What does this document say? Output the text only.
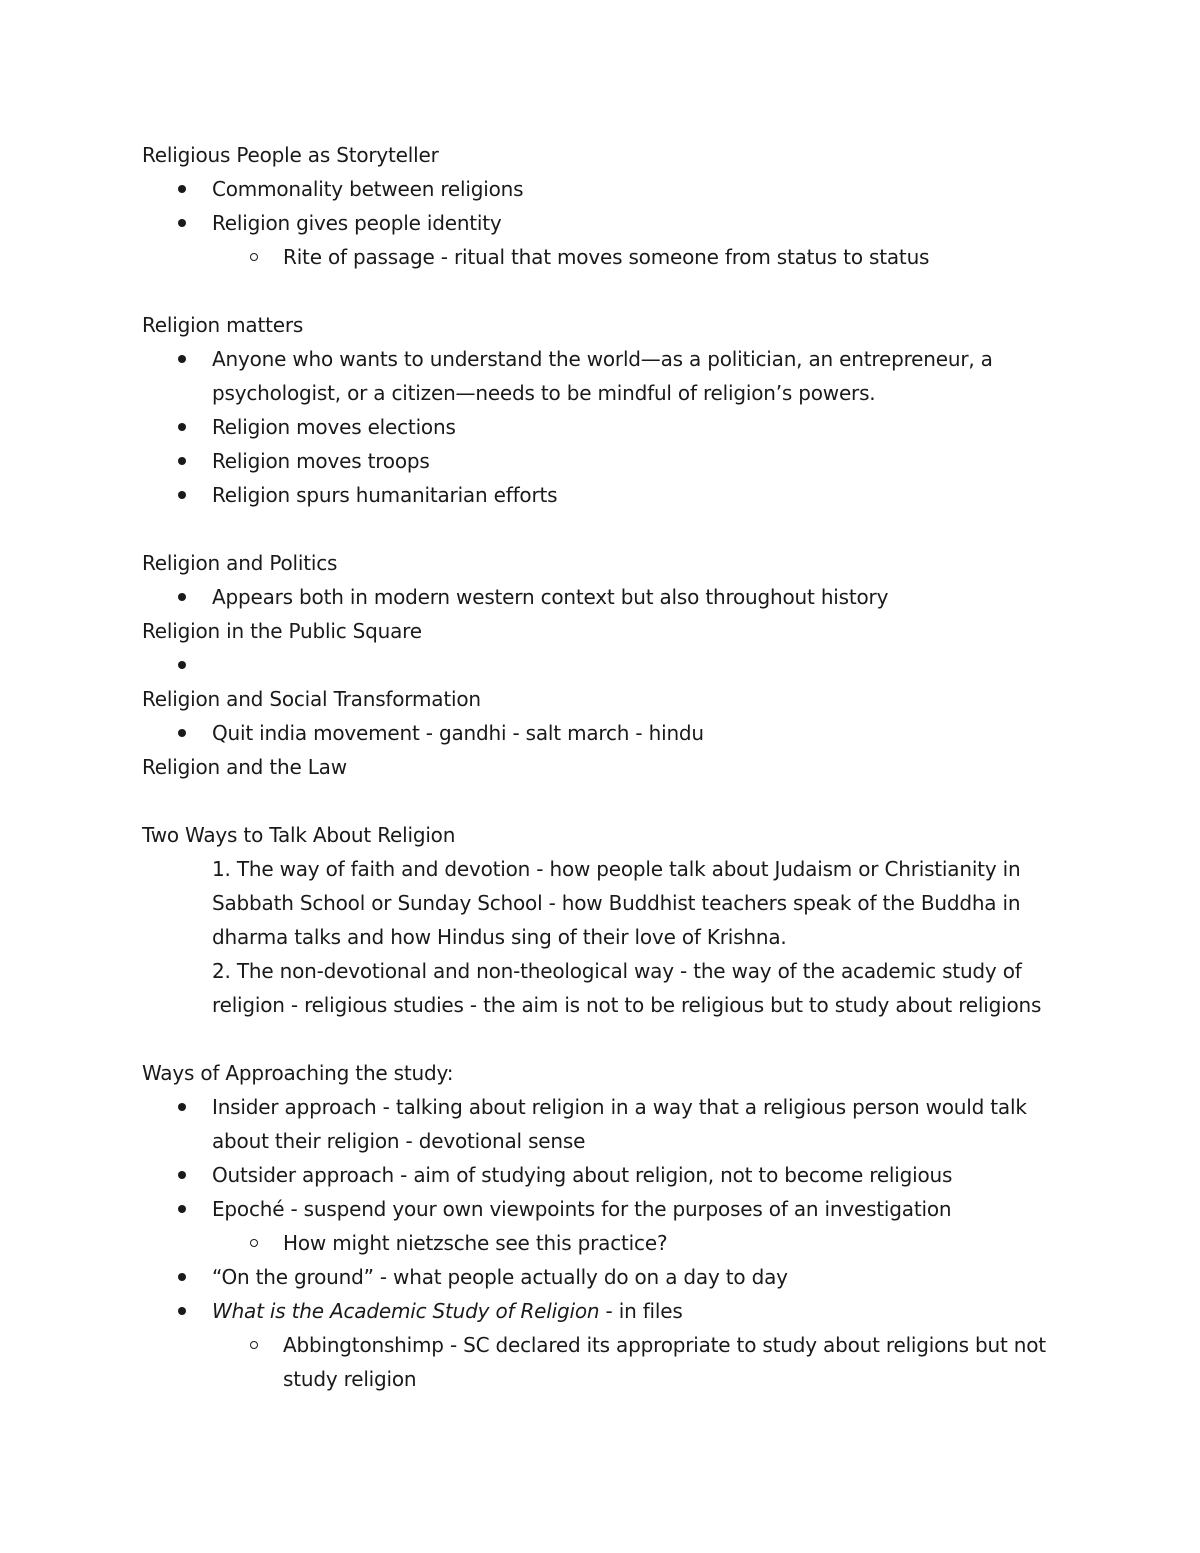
Religious People as Storyteller
Commonality between religions
Religion gives people identity
Rite of passage - ritual that moves someone from status to status
Religion matters
Anyone who wants to understand the world—as a politician, an entrepreneur, a
psychologist, or a citizen—needs to be mindful of religion’s powers.
Religion moves elections
Religion moves troops
Religion spurs humanitarian efforts
Religion and Politics
Appears both in modern western context but also throughout history
Religion in the Public Square
Religion and Social Transformation
Quit india movement - gandhi - salt march - hindu
Religion and the Law
Two Ways to Talk About Religion
1. The way of faith and devotion - how people talk about Judaism or Christianity in
Sabbath School or Sunday School - how Buddhist teachers speak of the Buddha in
dharma talks and how Hindus sing of their love of Krishna.
2. The non-devotional and non-theological way - the way of the academic study of
religion - religious studies - the aim is not to be religious but to study about religions
Ways of Approaching the study:
Insider approach - talking about religion in a way that a religious person would talk
about their religion - devotional sense
Outsider approach - aim of studying about religion, not to become religious
Epoché - suspend your own viewpoints for the purposes of an investigation
How might nietzsche see this practice?
“On the ground” - what people actually do on a day to day
What is the Academic Study of Religion - in files
Abbingtonshimp - SC declared its appropriate to study about religions but not
study religion
